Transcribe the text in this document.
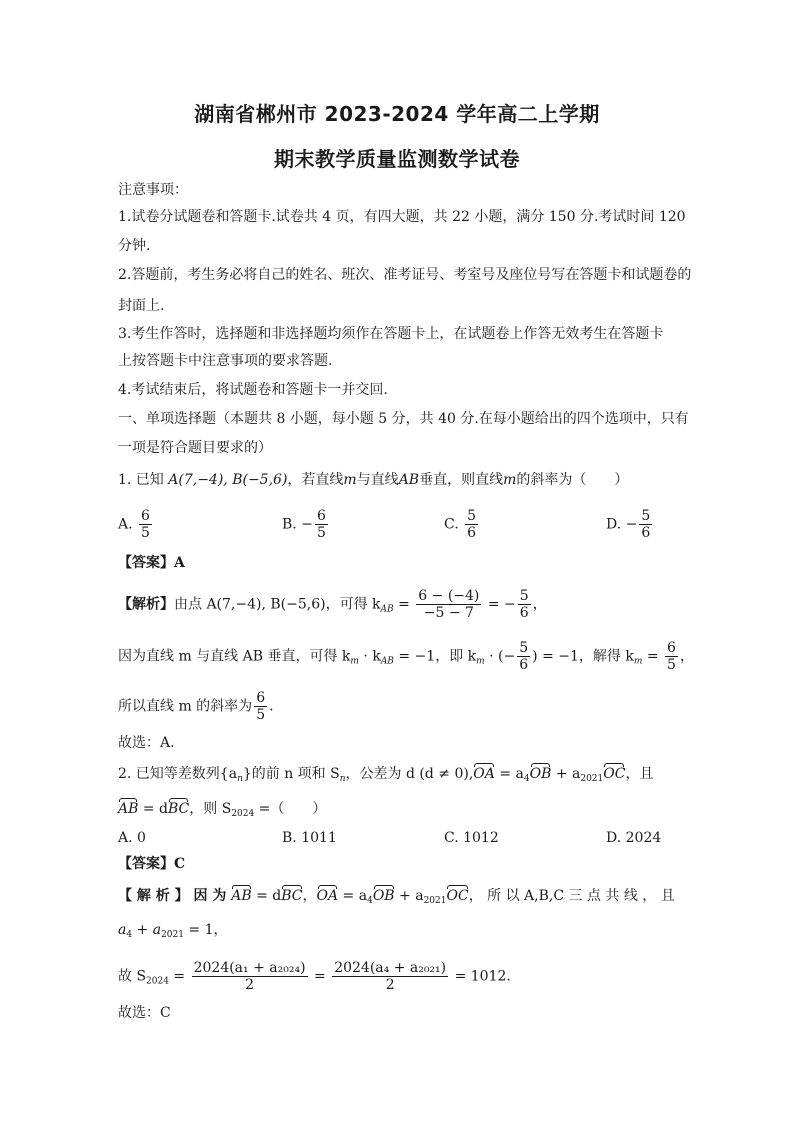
湖南省郴州市 2023-2024 学年高二上学期
期末教学质量监测数学试卷
注意事项：
1.试卷分试题卷和答题卡.试卷共 4 页，有四大题，共 22 小题，满分 150 分.考试时间 120
分钟.
2.答题前，考生务必将自己的姓名、班次、准考证号、考室号及座位号写在答题卡和试题卷的
封面上.
3.考生作答时，选择题和非选择题均须作在答题卡上，在试题卷上作答无效考生在答题卡
上按答题卡中注意事项的要求答题.
4.考试结束后，将试题卷和答题卡一并交回.
一、单项选择题（本题共 8 小题，每小题 5 分，共 40 分.在每小题给出的四个选项中，只有
一项是符合题目要求的）
1. 已知 A(7,−4), B(−5,6)，若直线m与直线AB垂直，则直线m的斜率为（　　）
A. $\frac{6}{5}$	B. − $\frac{6}{5}$	C. $\frac{5}{6}$	D. − $\frac{5}{6}$
【答案】A
【解析】由点 A(7,−4), B(−5,6)，可得 $k_{AB} = \frac{6 - (-4)}{-5 - 7}$ = − $\frac{5}{6}$ ，
因为直线 m 与直线 AB 垂直，可得 $k_m \cdot k_{AB} = -1$，即 $k_m$ · (− $\frac{5}{6}$ ) = −1，解得 $k_m = \frac{6}{5}$ ，
所以直线 m 的斜率为 $\frac{6}{5}$ .
故选：A.
2. 已知等差数列$\{a_n\}$的前 n 项和 $S_n$，公差为 d $(d \ne 0),OA = a_4OB + a_{2021}OC$，且
AB = dBC，则 $S_{2024}$ =（　　）
A. 0	B. 1011	C. 1012	D. 2024
【答案】C
【 解 析 】 因 为 AB = dBC，OA = $a_4OB + a_{2021}OC$， 所 以 A,B,C 三 点 共 线 ， 且
$a_4 + a_{2021} = 1$，
故 $S_{2024} = \frac{\text{2024(a₁ + a₂₀₂₄)}}{2} = \frac{\text{2024(a₄ + a₂₀₂₁)}}{2} = 1012$.
故选：C
